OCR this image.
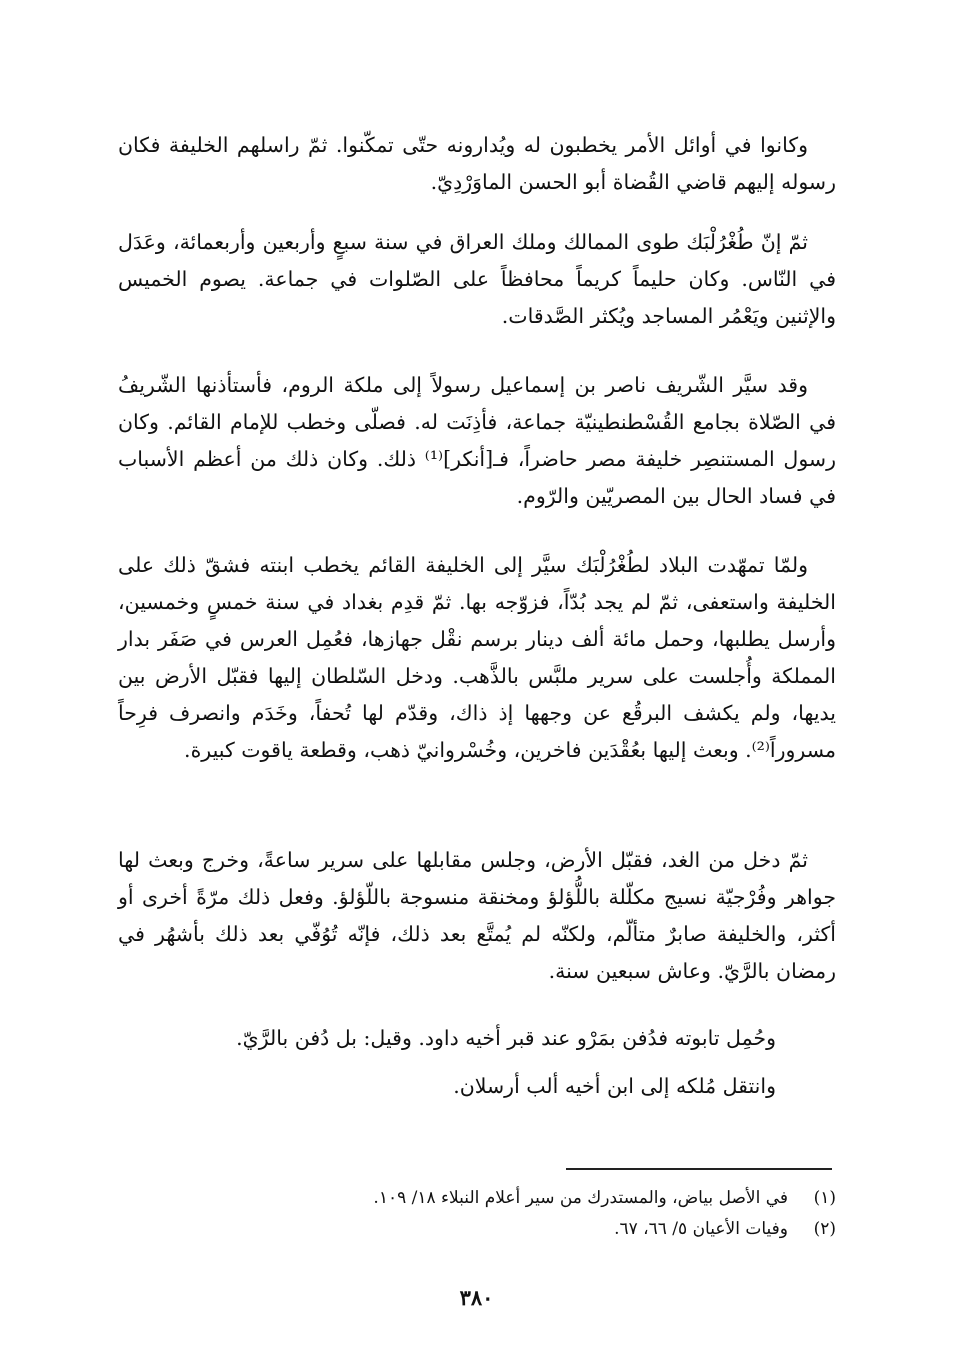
وكانوا في أوائل الأمر يخطبون له ويُدارونه حتّى تمكّنوا. ثمّ راسلهم الخليفة فكان رسوله إليهم قاضي القُضاة أبو الحسن الماوَرْدِيّ.

ثمّ إنّ طُغْرُلْبَك طوى الممالك وملك العراق في سنة سبعٍ وأربعين وأربعمائة، وعَدَل في النّاس. وكان حليماً كريماً محافظاً على الصّلوات في جماعة. يصوم الخميس والإثنين ويَعْمُر المساجد ويُكثر الصَّدقات.

وقد سيَّر الشّريف ناصر بن إسماعيل رسولاً إلى ملكة الروم، فأستأذنها الشّريفُ في الصّلاة بجامع القُسْطنطينيّة جماعة، فأذِنَت له. فصلّى وخطب للإمام القائم. وكان رسول المستنصِر خليفة مصر حاضراً، فـ[أنكر]⁽¹⁾ ذلك. وكان ذلك من أعظم الأسباب في فساد الحال بين المصريّين والرّوم.

ولمّا تمهّدت البلاد لطُغْرُلْبَك سيَّر إلى الخليفة القائم يخطب ابنته فشقّ ذلك على الخليفة واستعفى، ثمّ لم يجد بُدّاً، فزوّجه بها. ثمّ قدِم بغداد في سنة خمسٍ وخمسين، وأرسل يطلبها، وحمل مائة ألف دينار برسم نقْل جهازها، فعُمِل العرس في صَفَر بدار المملكة وأُجلست على سرير ملبَّس بالذَّهب. ودخل السّلطان إليها فقبّل الأرض بين يديها، ولم يكشف البرقُع عن وجهها إذ ذاك، وقدّم لها تُحفاً، وخَدَم وانصرف فرِحاً مسروراً⁽²⁾. وبعث إليها بعُقْدَين فاخرين، وخُسْروانيّ ذهب، وقطعة ياقوت كبيرة.

ثمّ دخل من الغد، فقبّل الأرض، وجلس مقابلها على سرير ساعةً، وخرج وبعث لها جواهر وفُرْجيّة نسيج مكلّلة باللُّؤلؤ ومخنقة منسوجة باللّؤلؤ. وفعل ذلك مرّةً أخرى أو أكثر، والخليفة صابرٌ متألّم، ولكنّه لم يُمتَّع بعد ذلك، فإنّه تُوُفّي بعد ذلك بأشهُر في رمضان بالرَّيّ. وعاش سبعين سنة.

وحُمِل تابوته فدُفن بمَرْو عند قبر أخيه داود. وقيل: بل دُفن بالرَّيّ.

وانتقل مُلكه إلى ابن أخيه ألب أرسلان.

(١)
في الأصل بياض، والمستدرك من سير أعلام النبلاء ١٨/ ١٠٩.
(٢)
وفيات الأعيان ٥/ ٦٦، ٦٧.
٣٨٠
